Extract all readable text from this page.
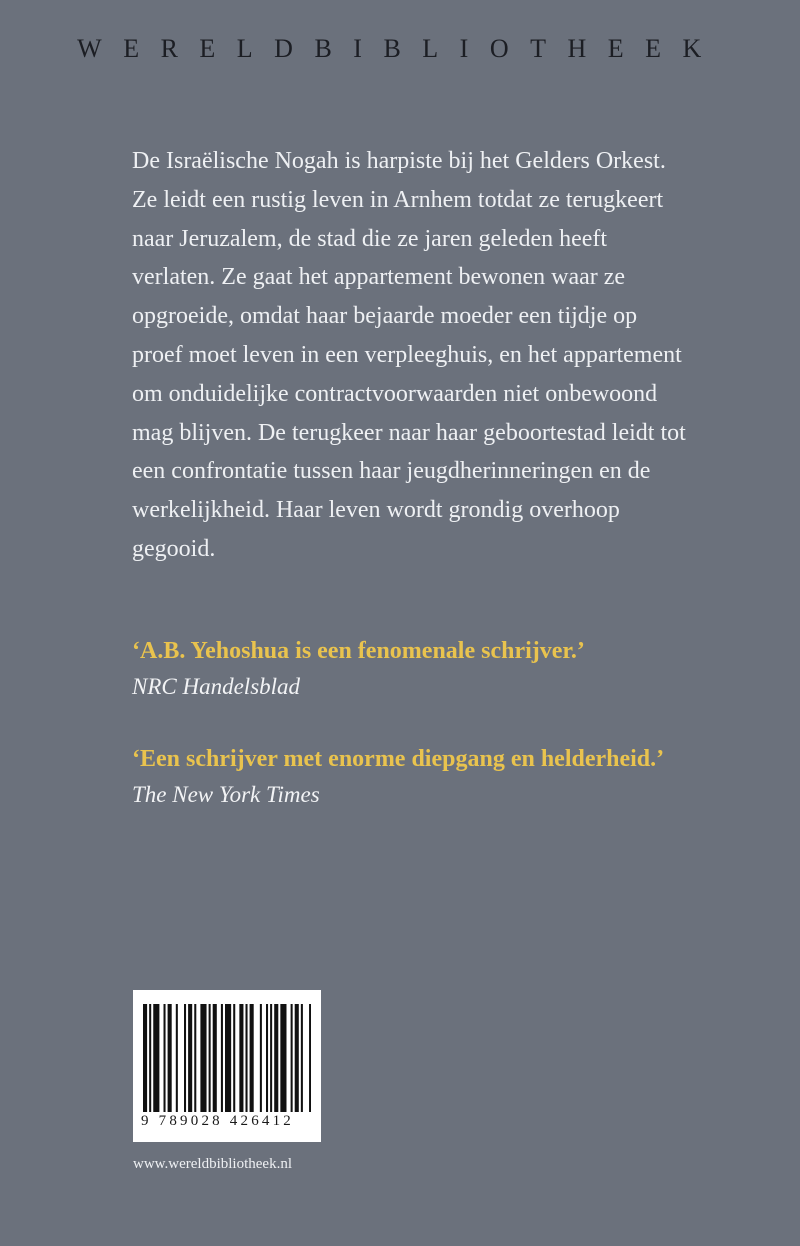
WERELDBIBLIOTHEEK

De Israëlische Nogah is harpiste bij het Gelders Orkest. Ze leidt een rustig leven in Arnhem totdat ze terugkeert naar Jeruzalem, de stad die ze jaren geleden heeft verlaten. Ze gaat het appartement bewonen waar ze opgroeide, omdat haar bejaarde moeder een tijdje op proef moet leven in een verpleeghuis, en het appartement om onduidelijke contractvoorwaarden niet onbewoond mag blijven. De terugkeer naar haar geboortestad leidt tot een confrontatie tussen haar jeugdherinneringen en de werkelijkheid. Haar leven wordt grondig overhoop gegooid.

‘A.B. Yehoshua is een fenomenale schrijver.’
NRC Handelsblad
‘Een schrijver met enorme diepgang en helderheid.’
The New York Times
9 789028 426412
www.wereldbibliotheek.nl
